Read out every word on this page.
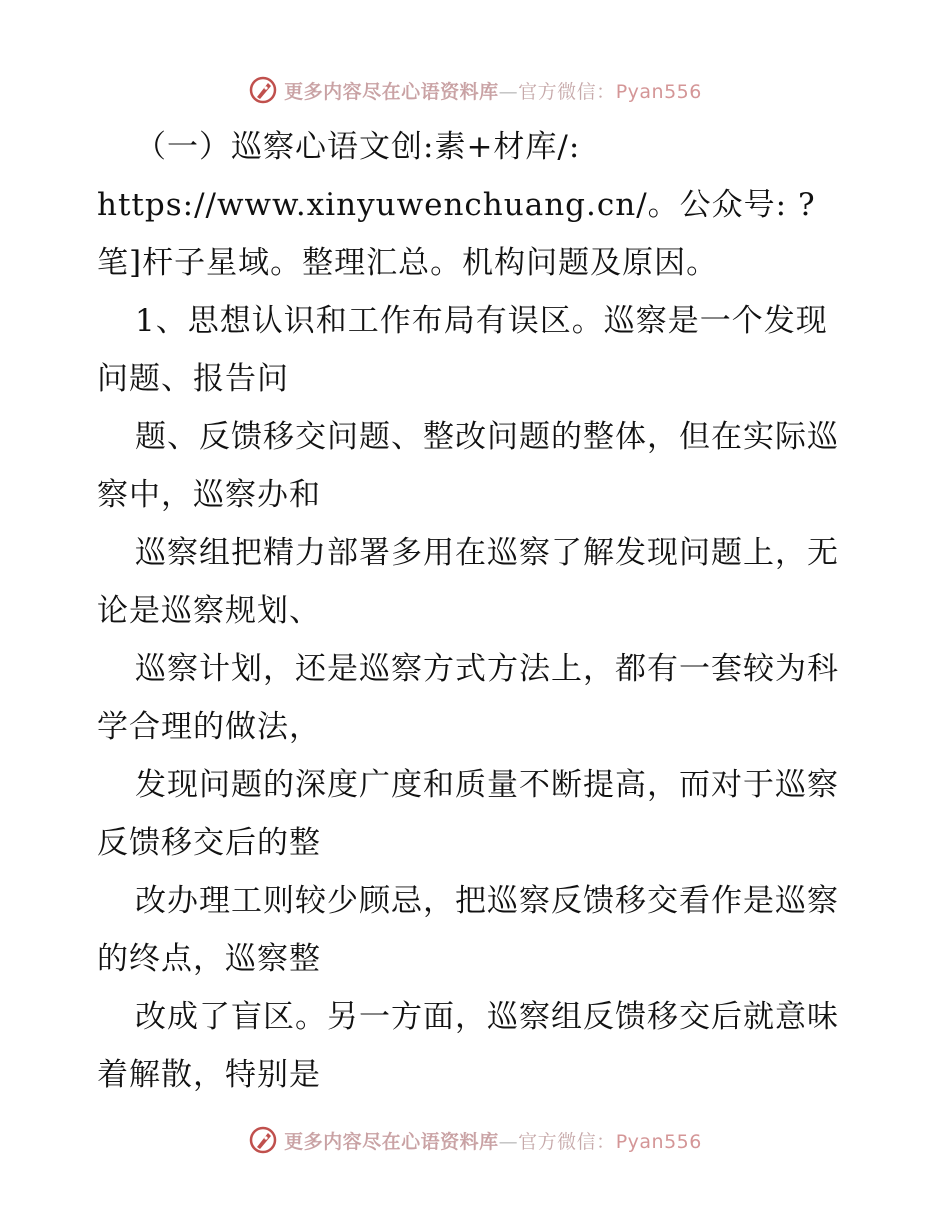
更多内容尽在心语资料库—官方微信：Pyan556

（一）巡察心语文创:素+材库/: https://www.xinyuwenchuang.cn/。公众号: ?笔]杆子星域。整理汇总。机构问题及原因。

1、思想认识和工作布局有误区。巡察是一个发现问题、报告问

题、反馈移交问题、整改问题的整体，但在实际巡察中，巡察办和

巡察组把精力部署多用在巡察了解发现问题上，无论是巡察规划、

巡察计划，还是巡察方式方法上，都有一套较为科学合理的做法，

发现问题的深度广度和质量不断提高，而对于巡察反馈移交后的整

改办理工则较少顾忌，把巡察反馈移交看作是巡察的终点，巡察整

改成了盲区。另一方面，巡察组反馈移交后就意味着解散，特别是

更多内容尽在心语资料库—官方微信：Pyan556
